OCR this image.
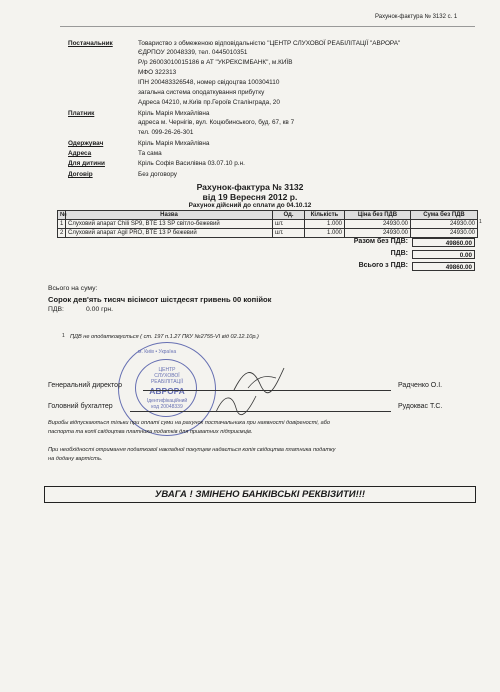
Рахунок-фактура № 3132 с. 1
Постачальник	Товариство з обмеженою відповідальністю "ЦЕНТР СЛУХОВОЇ РЕАБІЛІТАЦІЇ "АВРОРА"
ЄДРПОУ 20048339, тел. 0445010351
Р/р 26003010015186 в АТ "УКРЕКСІМБАНК", м.КИЇВ
МФО 322313
ІПН 200483326548, номер свідоцтва 100304110
загальна система оподаткування прибутку
Адреса 04210, м.Київ пр.Героїв Сталінграда, 20
Платник	Кріль Марія Михайлівна
адреса м. Чернігів, вул. Коцюбинського, буд. 67, кв 7
тел. 099-26-26-301
Одержувач	Кріль Марія Михайлівна
Адреса	Та сама
Для дитини	Кріль Софія Василівна 03.07.10 р.н.
Договір	Без договору
Рахунок-фактура № 3132
від 19 Вересня 2012 р.
Рахунок дійсний до сплати до 04.10.12
№	Назва	Од.	Кількість	Ціна без ПДВ	Сума без ПДВ
1	Слуховий апарат Chili SP9, BTE 13 SP світло-бежевий	шт.	1.000	24930.00	24930.00
2	Слуховий апарат Agil PRO, BTE 13 P бежевий	шт.	1.000	24930.00	24930.00
1
Разом без ПДВ:	49860.00
ПДВ:	0.00
Всього з ПДВ:	49860.00
Всього на суму:
Сорок дев'ять тисяч вісімсот шістдесят гривень 00 копійок
ПДВ:	0.00 грн.
1 ПДВ не оподатковується ( ст. 197 п.1.27 ПКУ №2755-VI від 02.12.10р.)
м. Київ • Україна
ЦЕНТР
СЛУХОВОЇ
РЕАБІЛІТАЦІЇ
АВРОРА
Ідентифікаційний
код 20048339
Генеральний директор	Радченко О.І.
Головний бухгалтер	Рудоквас Т.С.
Виробы відпускаються тільки при оплаті суми на рахунок постачальника при наявності довіреності, або
паспорта та копії свідоцтва платника податків для приватних підприємців.
При необхідності отримання податкової накладної покупцем надається копія свідоцтва платника податку
на додану вартість.
УВАГА ! ЗМІНЕНО БАНКІВСЬКІ РЕКВІЗИТИ!!!
